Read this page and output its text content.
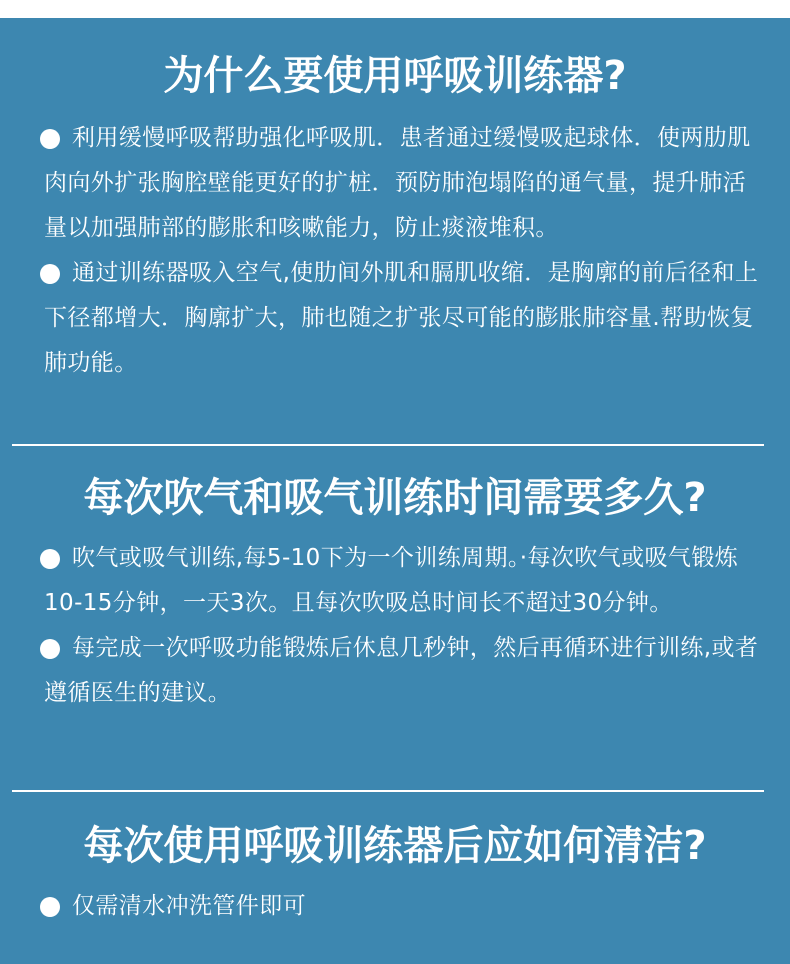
为什么要使用呼吸训练器?

利用缓慢呼吸帮助强化呼吸肌．患者通过缓慢吸起球体．使两肋肌肉向外扩张胸腔壁能更好的扩桩．预防肺泡塌陷的通气量，提升肺活量以加强肺部的膨胀和咳嗽能力，防止痰液堆积。

通过训练器吸入空气,使肋间外肌和膈肌收缩．是胸廓的前后径和上下径都增大．胸廓扩大，肺也随之扩张尽可能的膨胀肺容量.帮助恢复肺功能。

每次吹气和吸气训练时间需要多久?

吹气或吸气训练,每5-10下为一个训练周期。·每次吹气或吸气锻炼10-15分钟，一天3次。且每次吹吸总时间长不超过30分钟。

每完成一次呼吸功能锻炼后休息几秒钟，然后再循环进行训练,或者遵循医生的建议。

每次使用呼吸训练器后应如何清洁?

仅需清水冲洗管件即可
